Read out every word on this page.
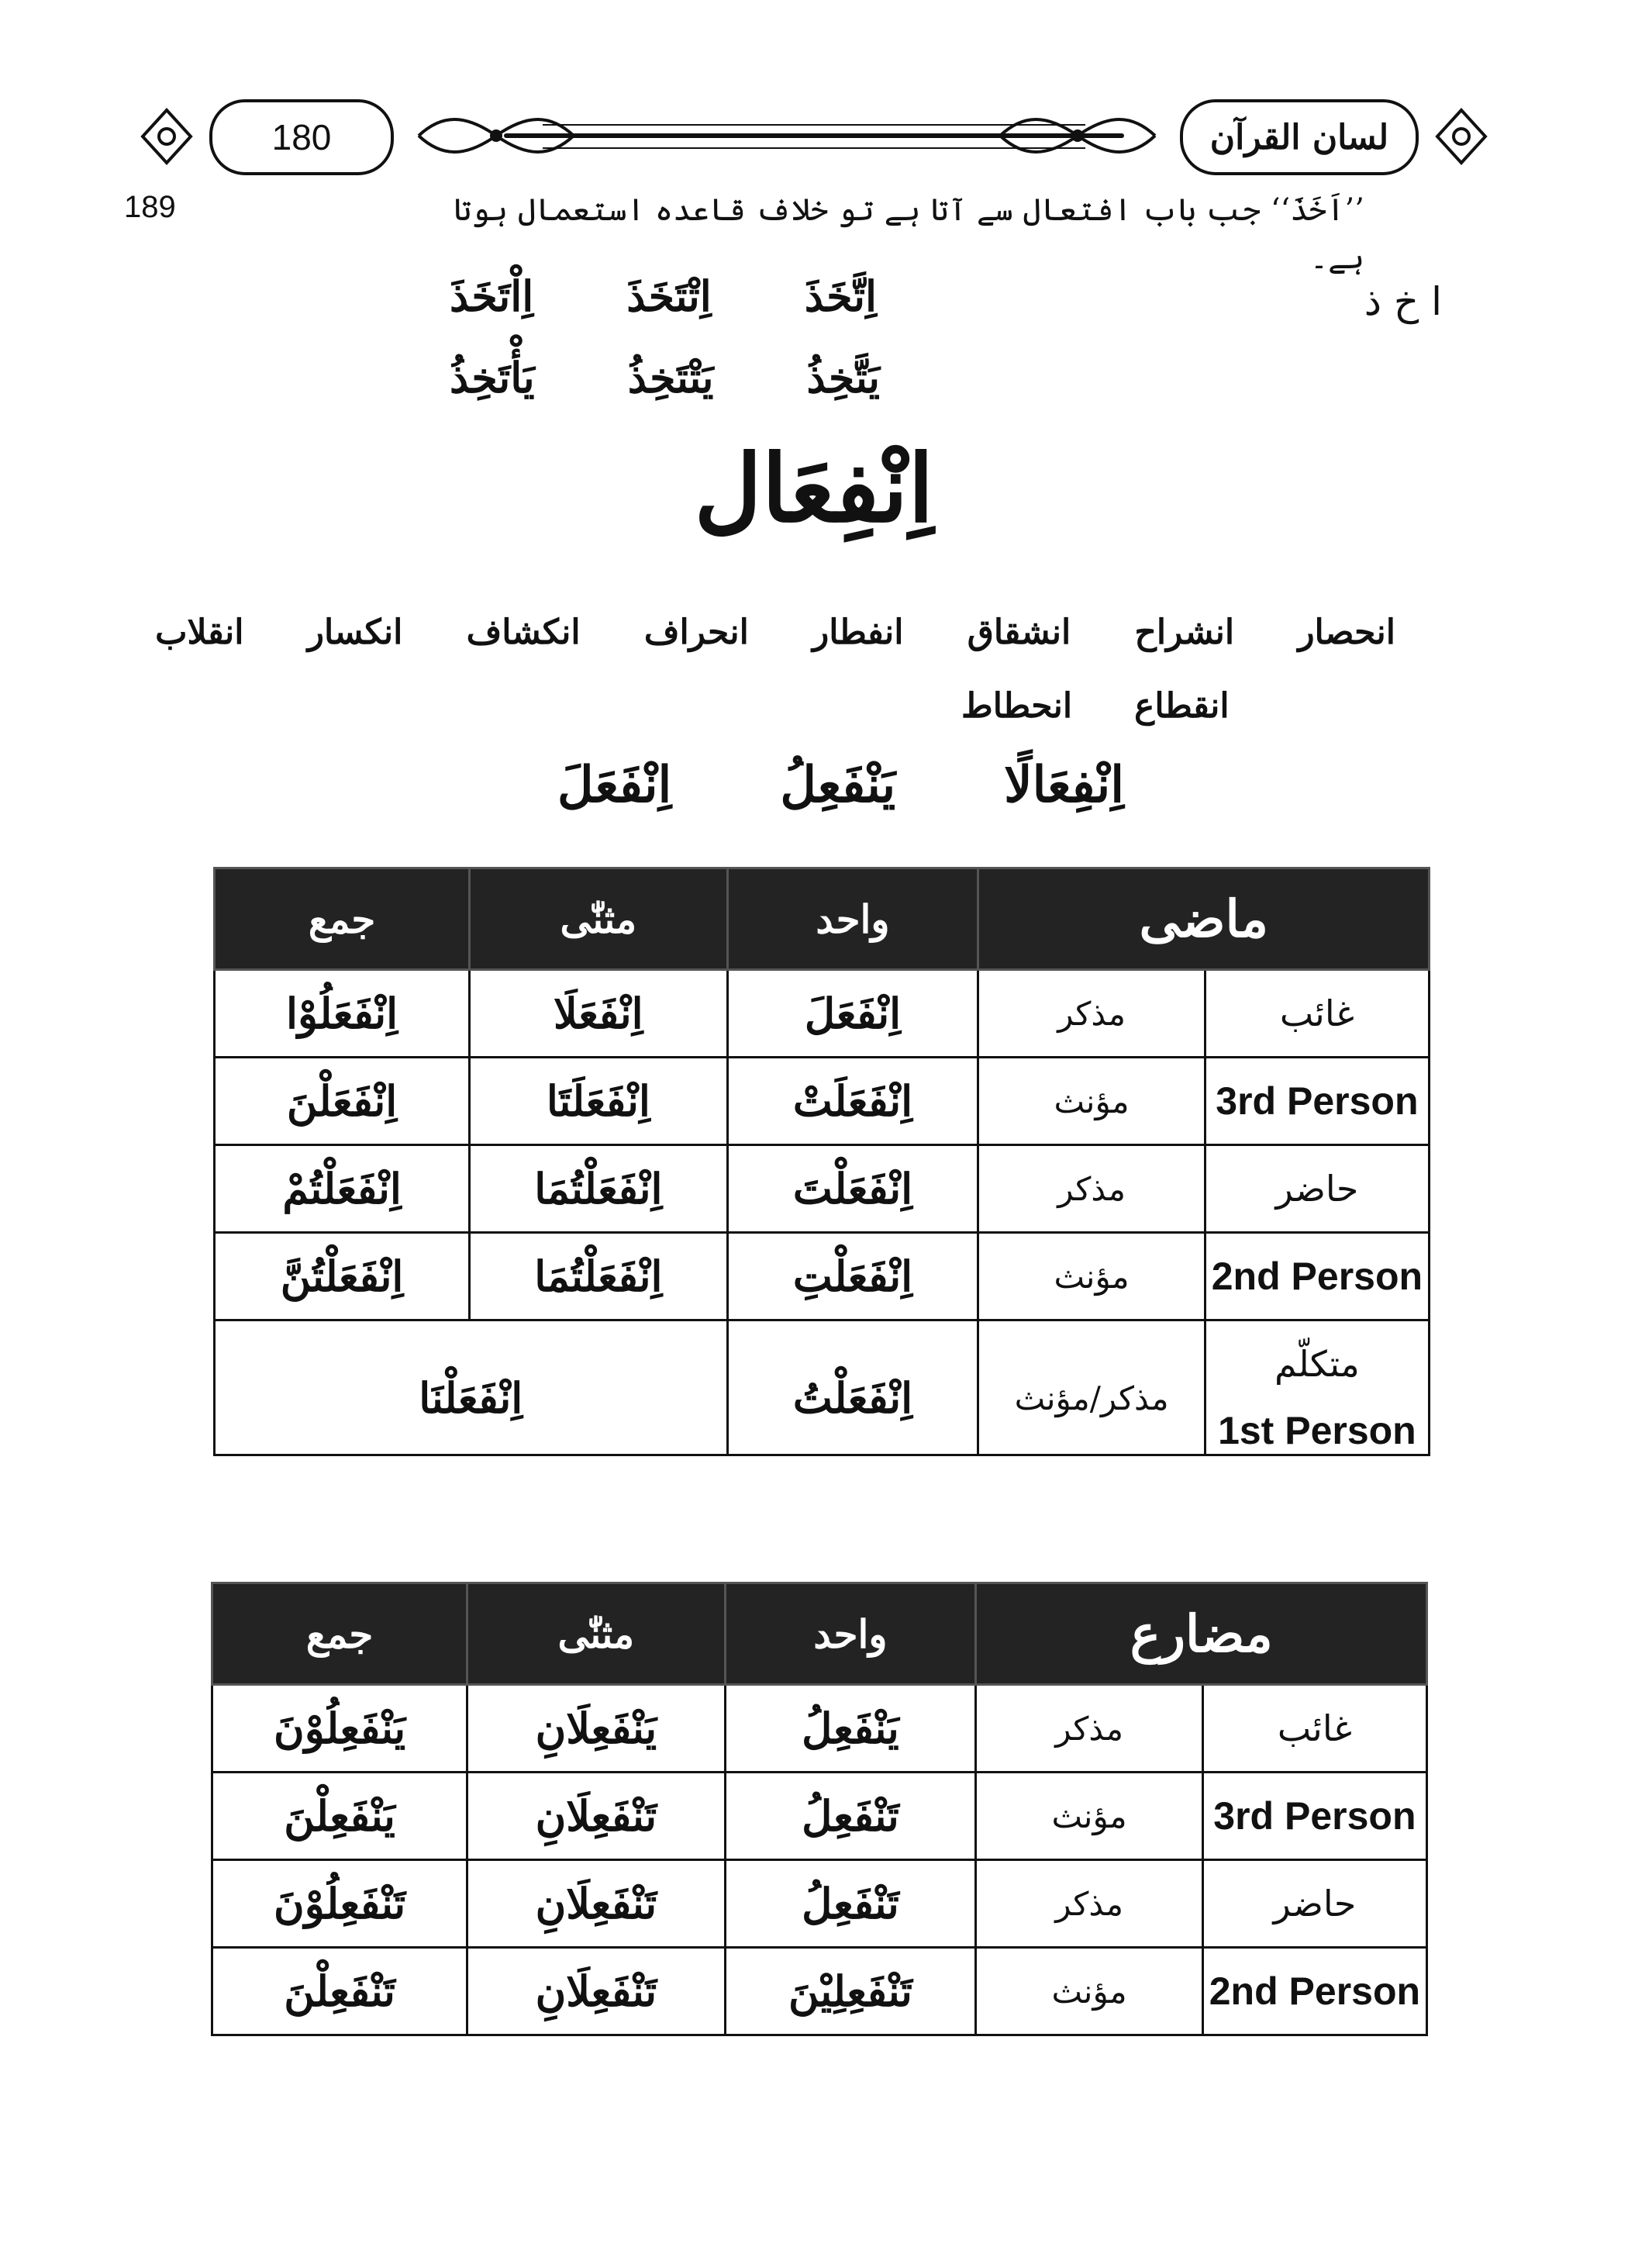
180	لسان القرآن
189	’’اَخَذَ‘‘ جب باب افتعال سے آتا ہے تو خلاف قاعدہ استعمال ہوتا ہے۔
ا خ ذ
اِاْتَخَذَ اِتْتَخَذَ اِتَّخَذَ
یَأْتَخِذُ یَتْتَخِذُ یَتَّخِذُ
اِنْفِعَال
انقلاب انکسار انکشاف انحراف انفطار انشقاق انشراح انحصار
انحطاط انقطاع
اِنْفَعَلَ یَنْفَعِلُ اِنْفِعَالًا
ماضی		واحد	مثنّٰی	جمع
غائب	مذکر	اِنْفَعَلَ	اِنْفَعَلَا	اِنْفَعَلُوْا
3rd Person	مؤنث	اِنْفَعَلَتْ	اِنْفَعَلَتَا	اِنْفَعَلْنَ
حاضر	مذکر	اِنْفَعَلْتَ	اِنْفَعَلْتُمَا	اِنْفَعَلْتُمْ
2nd Person	مؤنث	اِنْفَعَلْتِ	اِنْفَعَلْتُمَا	اِنْفَعَلْتُنَّ

متکلّم
1st Person	مذکر/مؤنث	اِنْفَعَلْتُ	اِنْفَعَلْنَا	
مضارع		واحد	مثنّٰی	جمع
غائب	مذکر	یَنْفَعِلُ	یَنْفَعِلَانِ	یَنْفَعِلُوْنَ
3rd Person	مؤنث	تَنْفَعِلُ	تَنْفَعِلَانِ	یَنْفَعِلْنَ
حاضر	مذکر	تَنْفَعِلُ	تَنْفَعِلَانِ	تَنْفَعِلُوْنَ
2nd Person	مؤنث	تَنْفَعِلِیْنَ	تَنْفَعِلَانِ	تَنْفَعِلْنَ
